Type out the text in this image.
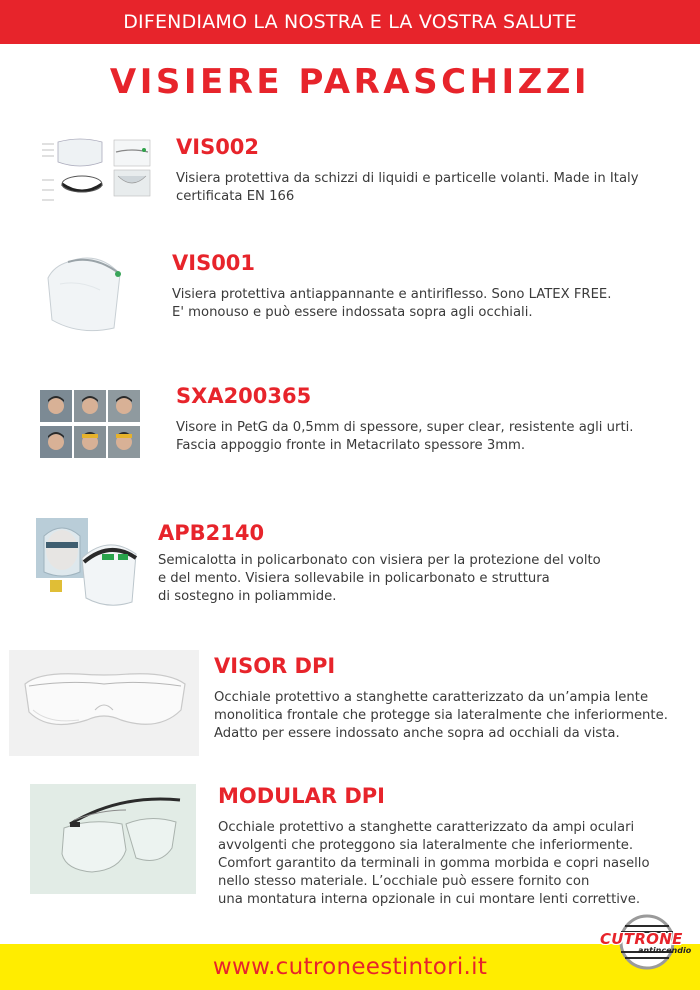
DIFENDIAMO LA NOSTRA E LA VOSTRA SALUTE
VISIERE PARASCHIZZI
VIS002
Visiera protettiva da schizzi di liquidi e particelle volanti. Made in Italy
certificata EN 166
VIS001
Visiera protettiva antiappannante e antiriflesso. Sono LATEX FREE.
E' monouso e può essere indossata sopra agli occhiali.
SXA200365
Visore in PetG da 0,5mm di spessore, super clear, resistente agli urti.
Fascia appoggio fronte in Metacrilato spessore 3mm.
APB2140
Semicalotta in policarbonato con visiera per la protezione del volto
e del mento. Visiera sollevabile in policarbonato e struttura
di sostegno in poliammide.
VISOR DPI
Occhiale protettivo a stanghette caratterizzato da un’ampia lente
monolitica frontale che protegge sia lateralmente che inferiormente.
Adatto per essere indossato anche sopra ad occhiali da vista.
MODULAR DPI
Occhiale protettivo a stanghette caratterizzato da ampi oculari
avvolgenti che proteggono sia lateralmente che inferiormente.
Comfort garantito da terminali in gomma morbida e copri nasello
nello stesso materiale. L’occhiale può essere fornito con
una montatura interna opzionale in cui montare lenti correttive.
www.cutroneestintori.it
CUTRONE
antincendio
